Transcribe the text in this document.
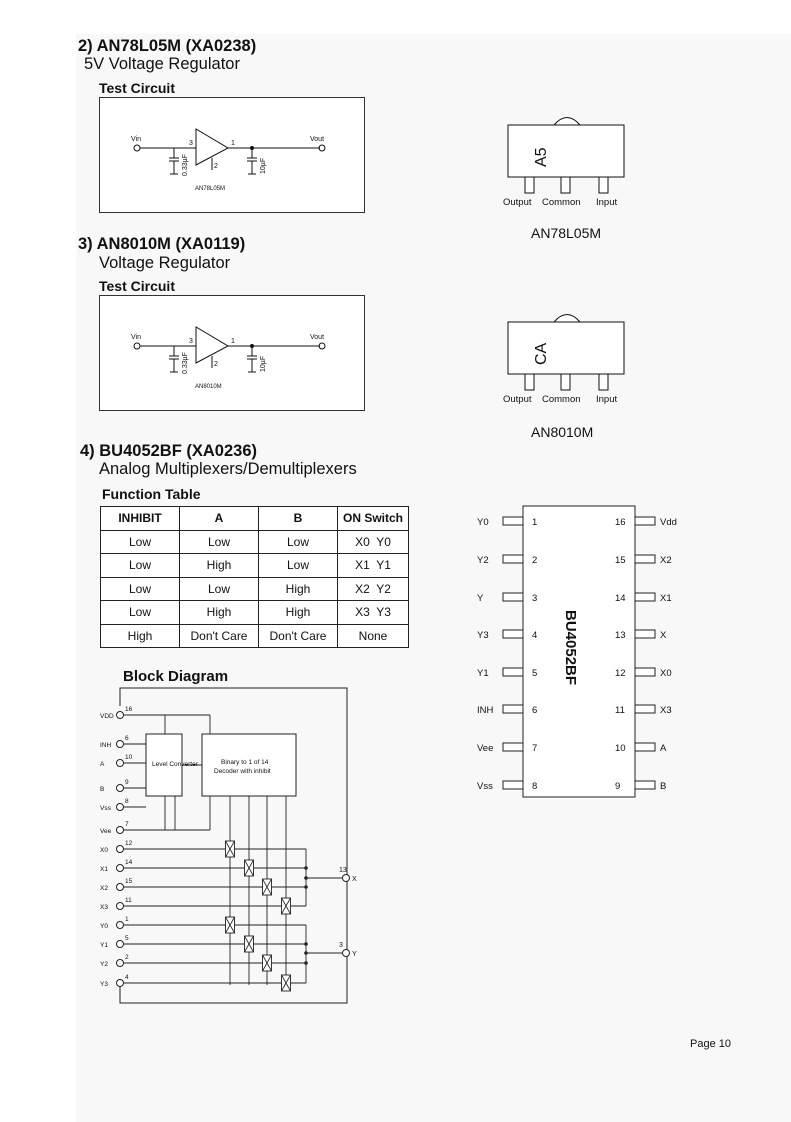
2) AN78L05M (XA0238)
5V Voltage Regulator
Test Circuit
Vin
0.33µF
3	1
2	10µF
Vout
AN78L05M
A5
Output Common Input
AN78L05M
3) AN8010M (XA0119)
Voltage Regulator
Test Circuit
Vin
0.33µF
3	1
2	10µF
Vout
AN8010M
CA
Output Common Input
AN8010M
4) BU4052BF (XA0236)
Analog Multiplexers/Demultiplexers
Function Table
INHIBIT	A	B	ON Switch
Low	Low	Low	X0  Y0
Low	High	Low	X1  Y1
Low	Low	High	X2  Y2
Low	High	High	X3  Y3
High	Don't Care	Don't Care	None
Block Diagram
Level Converter	Binary to 1 of 14
Decoder with inhibit
VDD
16
INH
6
A
10
B
9
Vss
8
Vee
7
X0
12
X1
14
X2
15
X3
11
Y0
1
Y1
5
Y2
2
Y3
4
13
X
3
Y
BU4052BF
Y0	1
Y2	2
Y	3
Y3	4
Y1	5
INH	6
Vee	7
Vss	8
16	Vdd
15	X2
14	X1
13	X
12	X0
11	X3
10	A
9	B
Page 10
